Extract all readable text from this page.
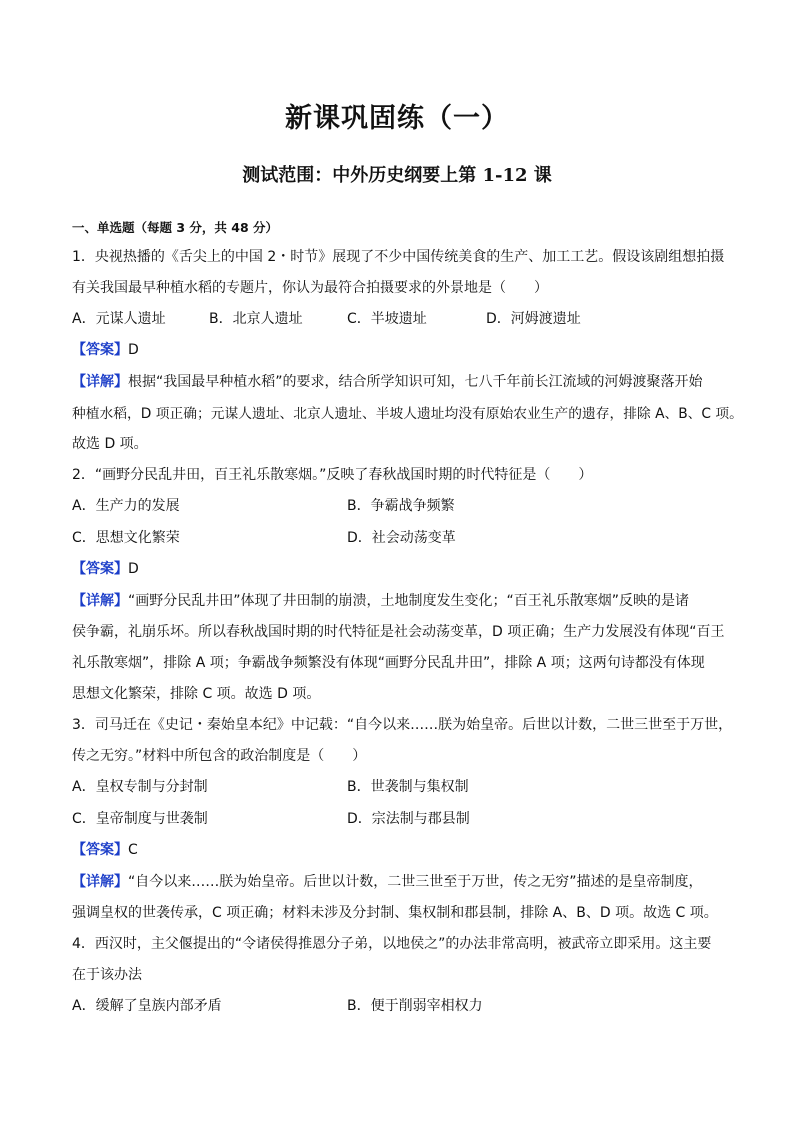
新课巩固练（一）
测试范围：中外历史纲要上第 1-12 课
一、单选题（每题 3 分，共 48 分）
1．央视热播的《舌尖上的中国 2・时节》展现了不少中国传统美食的生产、加工工艺。假设该剧组想拍摄
有关我国最早种植水稻的专题片，你认为最符合拍摄要求的外景地是（　　）
A．元谋人遗址	B．北京人遗址	C．半坡遗址	D．河姆渡遗址
【答案】D
【详解】根据“我国最早种植水稻”的要求，结合所学知识可知，七八千年前长江流域的河姆渡聚落开始
种植水稻，D 项正确；元谋人遗址、北京人遗址、半坡人遗址均没有原始农业生产的遗存，排除 A、B、C 项。
故选 D 项。
2．“画野分民乱井田，百王礼乐散寒烟。”反映了春秋战国时期的时代特征是（　　）
A．生产力的发展	B．争霸战争频繁
C．思想文化繁荣	D．社会动荡变革
【答案】D
【详解】“画野分民乱井田”体现了井田制的崩溃，土地制度发生变化；“百王礼乐散寒烟”反映的是诸
侯争霸，礼崩乐坏。所以春秋战国时期的时代特征是社会动荡变革，D 项正确；生产力发展没有体现“百王
礼乐散寒烟”，排除 A 项；争霸战争频繁没有体现“画野分民乱井田”，排除 A 项；这两句诗都没有体现
思想文化繁荣，排除 C 项。故选 D 项。
3．司马迁在《史记・秦始皇本纪》中记载：“自今以来……朕为始皇帝。后世以计数，二世三世至于万世，
传之无穷。”材料中所包含的政治制度是（　　）
A．皇权专制与分封制	B．世袭制与集权制
C．皇帝制度与世袭制	D．宗法制与郡县制
【答案】C
【详解】“自今以来……朕为始皇帝。后世以计数，二世三世至于万世，传之无穷”描述的是皇帝制度，
强调皇权的世袭传承，C 项正确；材料未涉及分封制、集权制和郡县制，排除 A、B、D 项。故选 C 项。
4．西汉时，主父偃提出的“令诸侯得推恩分子弟，以地侯之”的办法非常高明，被武帝立即采用。这主要
在于该办法
A．缓解了皇族内部矛盾	B．便于削弱宰相权力
